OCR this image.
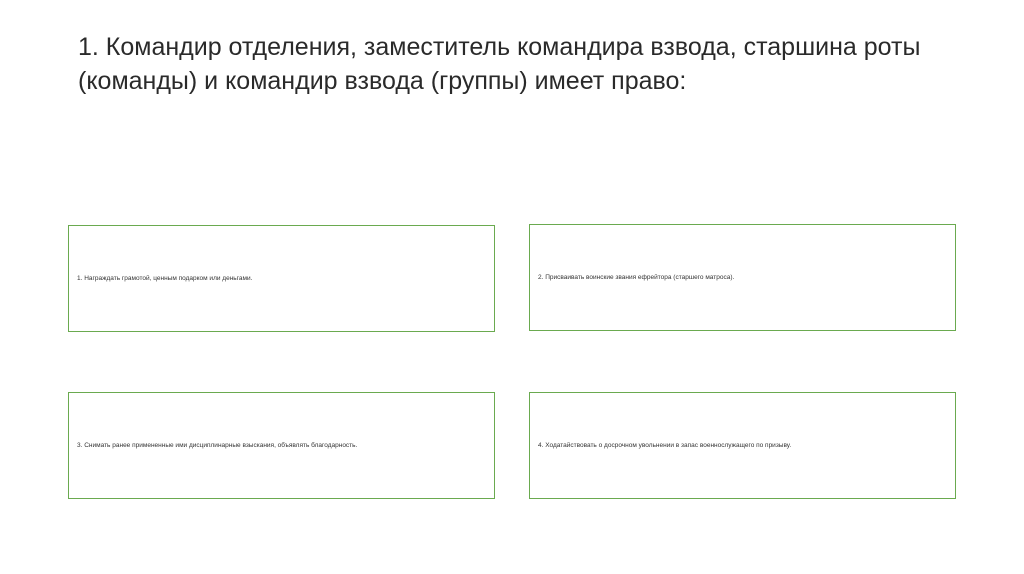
1. Командир отделения, заместитель командира взвода, старшина роты (команды) и командир взвода (группы) имеет право:
1. Награждать грамотой, ценным подарком или деньгами.	2. Присваивать воинские звания ефрейтора (старшего матроса).
3. Снимать ранее примененные ими дисциплинарные взыскания, объявлять благодарность.	4. Ходатайствовать о досрочном увольнении в запас военнослужащего по призыву.
